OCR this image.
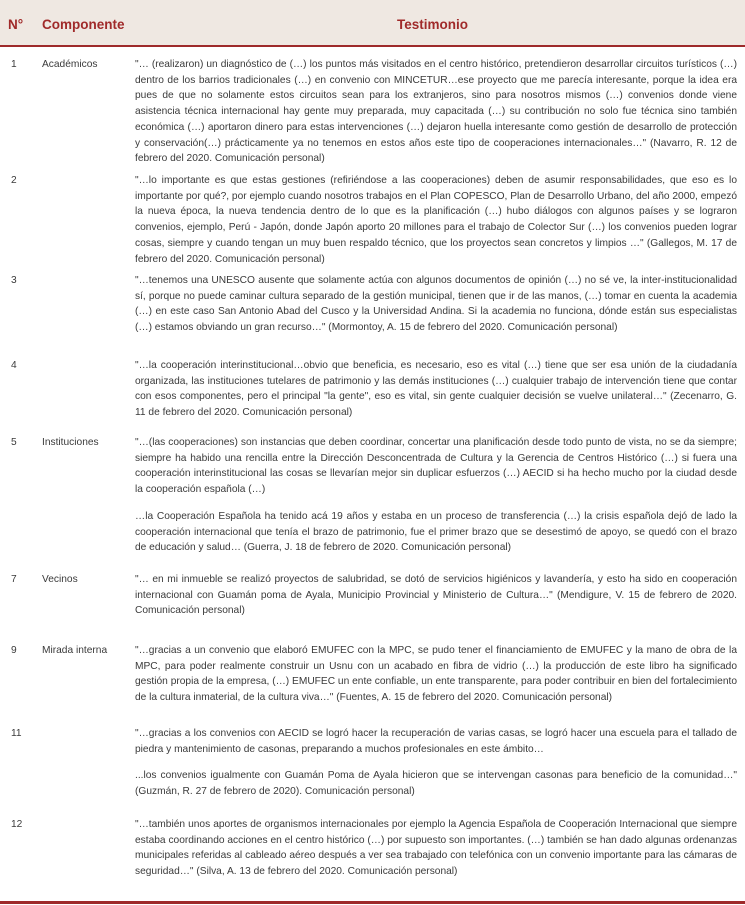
N° Componente	Testimonio
1 Académicos	"… (realizaron) un diagnóstico de (…) los puntos más visitados en el centro histórico, pretendieron desarrollar circuitos turísticos (…) dentro de los barrios tradicionales (…) en convenio con MINCETUR…ese proyecto que me parecía interesante, porque la idea era pues de que no solamente estos circuitos sean para los extranjeros, sino para nosotros mismos (…) convenios donde viene asistencia técnica internacional hay gente muy preparada, muy capacitada (…) su contribución no solo fue técnica sino también económica (…) aportaron dinero para estas intervenciones (…) dejaron huella interesante como gestión de desarrollo de protección y conservación(…) prácticamente ya no tenemos en estos años este tipo de cooperaciones internacionales…" (Navarro, R. 12 de febrero del 2020. Comunicación personal)
2	"…lo importante es que estas gestiones (refiriéndose a las cooperaciones) deben de asumir responsabilidades, que eso es lo importante por qué?, por ejemplo cuando nosotros trabajos en el Plan COPESCO, Plan de Desarrollo Urbano, del año 2000, empezó la nueva época, la nueva tendencia dentro de lo que es la planificación (…) hubo diálogos con algunos países y se lograron convenios, ejemplo, Perú - Japón, donde Japón aporto 20 millones para el trabajo de Colector Sur (…) los convenios pueden lograr cosas, siempre y cuando tengan un muy buen respaldo técnico, que los proyectos sean concretos y limpios …" (Gallegos, M. 17 de febrero del 2020. Comunicación personal)
3	"…tenemos una UNESCO ausente que solamente actúa con algunos documentos de opinión (…) no sé ve, la inter-institucionalidad sí, porque no puede caminar cultura separado de la gestión municipal, tienen que ir de las manos, (…) tomar en cuenta la academia (…) en este caso San Antonio Abad del Cusco y la Universidad Andina. Si la academia no funciona, dónde están sus especialistas (…) estamos obviando un gran recurso…" (Mormontoy, A. 15 de febrero del 2020. Comunicación personal)
4	"…la cooperación interinstitucional…obvio que beneficia, es necesario, eso es vital (…) tiene que ser esa unión de la ciudadanía organizada, las instituciones tutelares de patrimonio y las demás instituciones (…) cualquier trabajo de intervención tiene que contar con esos componentes, pero el principal "la gente", eso es vital, sin gente cualquier decisión se vuelve unilateral…" (Zecenarro, G. 11 de febrero del 2020. Comunicación personal)
5 Instituciones	"…(las cooperaciones) son instancias que deben coordinar, concertar una planificación desde todo punto de vista, no se da siempre; siempre ha habido una rencilla entre la Dirección Desconcentrada de Cultura y la Gerencia de Centros Histórico (…) si fuera una cooperación interinstitucional las cosas se llevarían mejor sin duplicar esfuerzos (…) AECID si ha hecho mucho por la ciudad desde la cooperación española (…)
…la Cooperación Española ha tenido acá 19 años y estaba en un proceso de transferencia (…) la crisis española dejó de lado la cooperación internacional que tenía el brazo de patrimonio, fue el primer brazo que se desestimó de apoyo, se quedó con el brazo de educación y salud… (Guerra, J. 18 de febrero de 2020. Comunicación personal)
7 Vecinos	"… en mi inmueble se realizó proyectos de salubridad, se dotó de servicios higiénicos y lavandería, y esto ha sido en cooperación internacional con Guamán poma de Ayala, Municipio Provincial y Ministerio de Cultura…" (Mendigure, V. 15 de febrero de 2020. Comunicación personal)
9 Mirada interna	"…gracias a un convenio que elaboró EMUFEC con la MPC, se pudo tener el financiamiento de EMUFEC y la mano de obra de la MPC, para poder realmente construir un Usnu con un acabado en fibra de vidrio (…) la producción de este libro ha significado gestión propia de la empresa, (…) EMUFEC un ente confiable, un ente transparente, para poder contribuir en bien del fortalecimiento de la cultura inmaterial, de la cultura viva…" (Fuentes, A. 15 de febrero del 2020. Comunicación personal)
11	"…gracias a los convenios con AECID se logró hacer la recuperación de varias casas, se logró hacer una escuela para el tallado de piedra y mantenimiento de casonas, preparando a muchos profesionales en este ámbito…
...los convenios igualmente con Guamán Poma de Ayala hicieron que se intervengan casonas para beneficio de la comunidad…" (Guzmán, R. 27 de febrero de 2020). Comunicación personal)
12	"…también unos aportes de organismos internacionales por ejemplo la Agencia Española de Cooperación Internacional que siempre estaba coordinando acciones en el centro histórico (…) por supuesto son importantes. (…) también se han dado algunas ordenanzas municipales referidas al cableado aéreo después a ver sea trabajado con telefónica con un convenio importante para las cámaras de seguridad…" (Silva, A. 13 de febrero del 2020. Comunicación personal)
